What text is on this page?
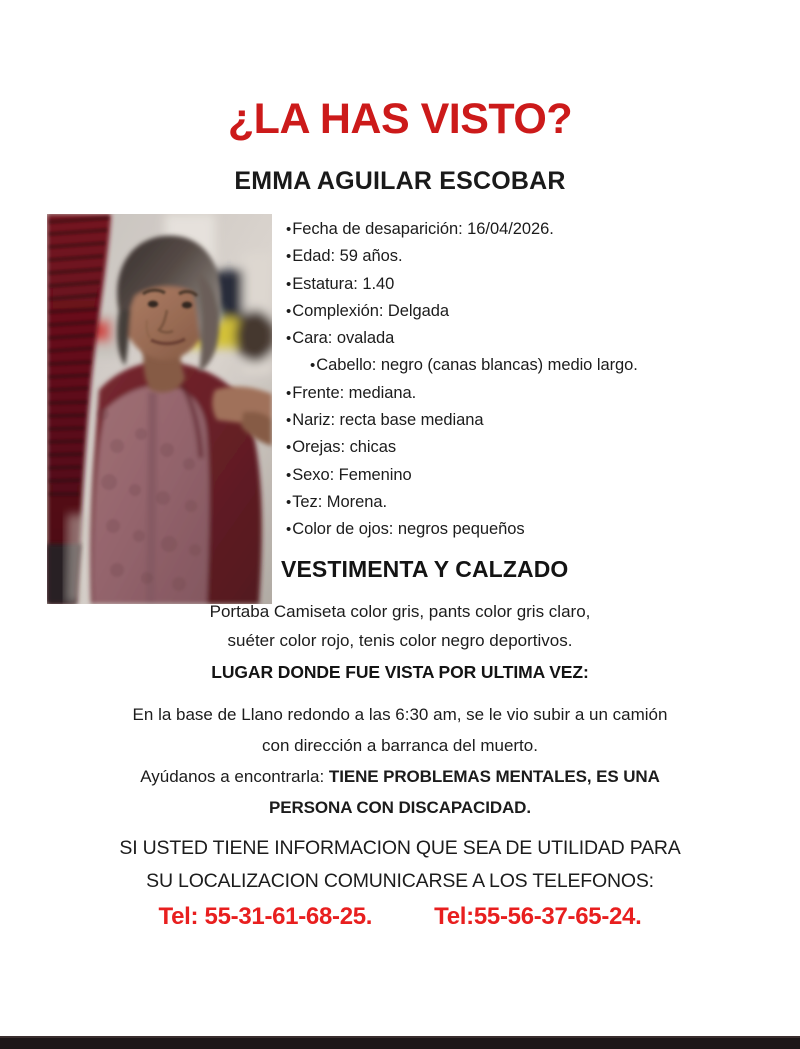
¿LA HAS VISTO?
EMMA AGUILAR ESCOBAR
• Fecha de desaparición: 16/04/2026.
• Edad: 59 años.
• Estatura: 1.40
• Complexión: Delgada
• Cara: ovalada
• Cabello: negro (canas blancas) medio largo.
• Frente: mediana.
• Nariz: recta base mediana
• Orejas: chicas
• Sexo: Femenino
• Tez: Morena.
• Color de ojos: negros pequeños
VESTIMENTA Y CALZADO
Portaba Camiseta color gris, pants color gris claro,
suéter color rojo, tenis color negro deportivos.
LUGAR DONDE FUE VISTA POR ULTIMA VEZ:
En la base de Llano redondo a las 6:30 am, se le vio subir a un camión
con dirección a barranca del muerto.
Ayúdanos a encontrarla: TIENE PROBLEMAS MENTALES, ES UNA
PERSONA CON DISCAPACIDAD.
SI USTED TIENE INFORMACION QUE SEA DE UTILIDAD PARA
SU LOCALIZACION COMUNICARSE A LOS TELEFONOS:
Tel: 55-31-61-68-25.	Tel:55-56-37-65-24.
